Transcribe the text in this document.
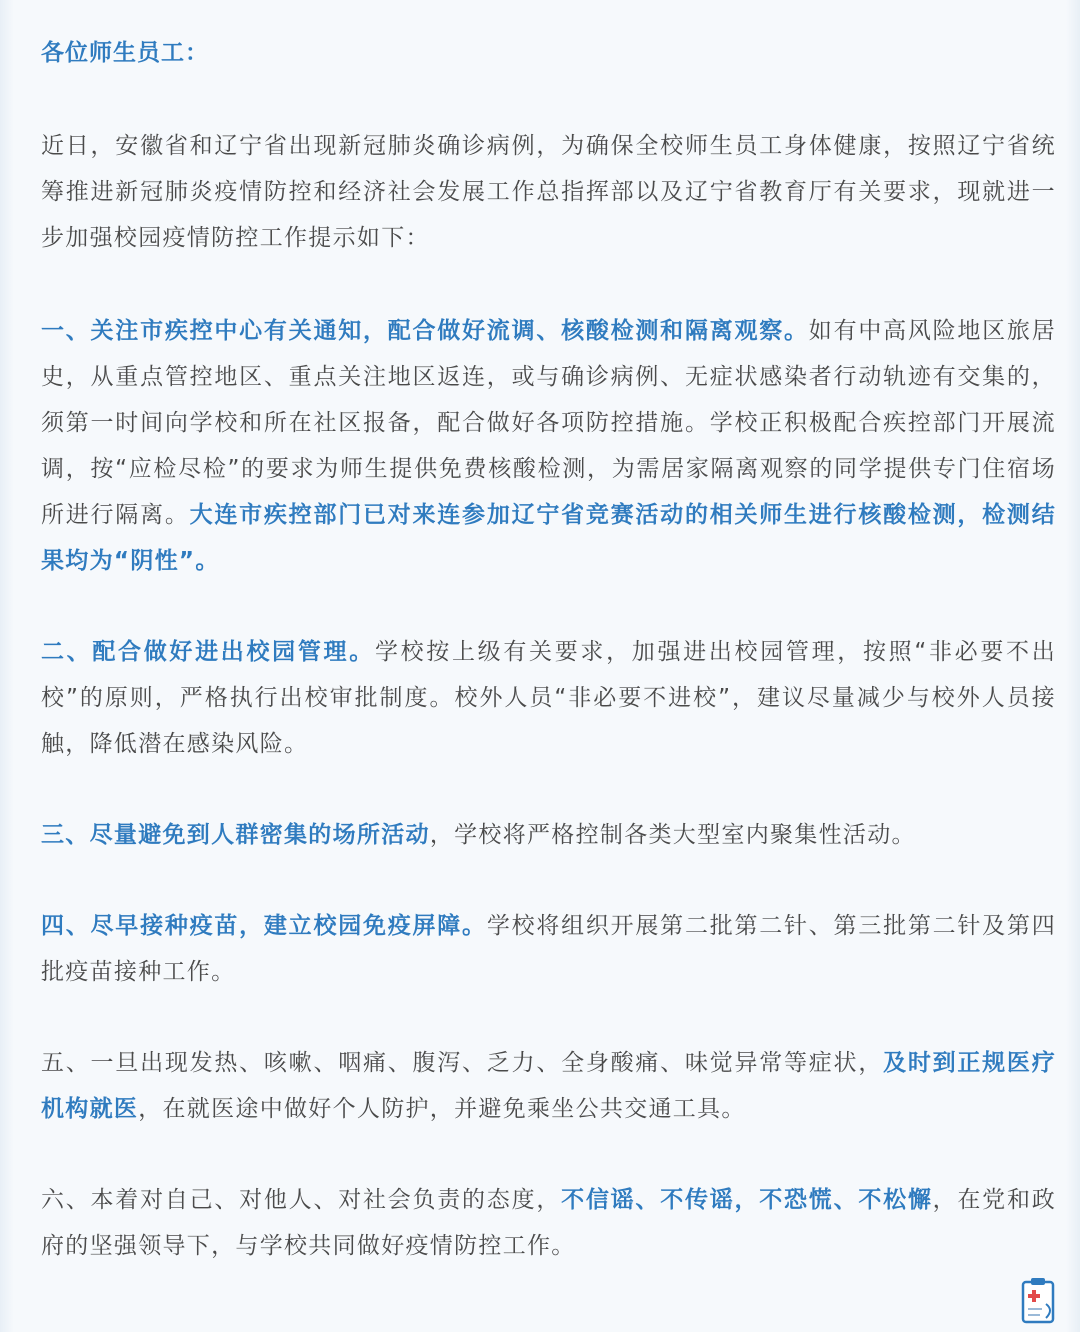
各位师生员工：

近日，安徽省和辽宁省出现新冠肺炎确诊病例，为确保全校师生员工身体健康，按照辽宁省统筹推进新冠肺炎疫情防控和经济社会发展工作总指挥部以及辽宁省教育厅有关要求，现就进一步加强校园疫情防控工作提示如下：

一、关注市疾控中心有关通知，配合做好流调、核酸检测和隔离观察。如有中高风险地区旅居史，从重点管控地区、重点关注地区返连，或与确诊病例、无症状感染者行动轨迹有交集的，须第一时间向学校和所在社区报备，配合做好各项防控措施。学校正积极配合疾控部门开展流调，按“应检尽检”的要求为师生提供免费核酸检测，为需居家隔离观察的同学提供专门住宿场所进行隔离。大连市疾控部门已对来连参加辽宁省竞赛活动的相关师生进行核酸检测，检测结果均为“阴性”。

二、配合做好进出校园管理。学校按上级有关要求，加强进出校园管理，按照“非必要不出校”的原则，严格执行出校审批制度。校外人员“非必要不进校”，建议尽量减少与校外人员接触，降低潜在感染风险。

三、尽量避免到人群密集的场所活动，学校将严格控制各类大型室内聚集性活动。

四、尽早接种疫苗，建立校园免疫屏障。学校将组织开展第二批第二针、第三批第二针及第四批疫苗接种工作。

五、一旦出现发热、咳嗽、咽痛、腹泻、乏力、全身酸痛、味觉异常等症状，及时到正规医疗机构就医，在就医途中做好个人防护，并避免乘坐公共交通工具。

六、本着对自己、对他人、对社会负责的态度，不信谣、不传谣，不恐慌、不松懈，在党和政府的坚强领导下，与学校共同做好疫情防控工作。
